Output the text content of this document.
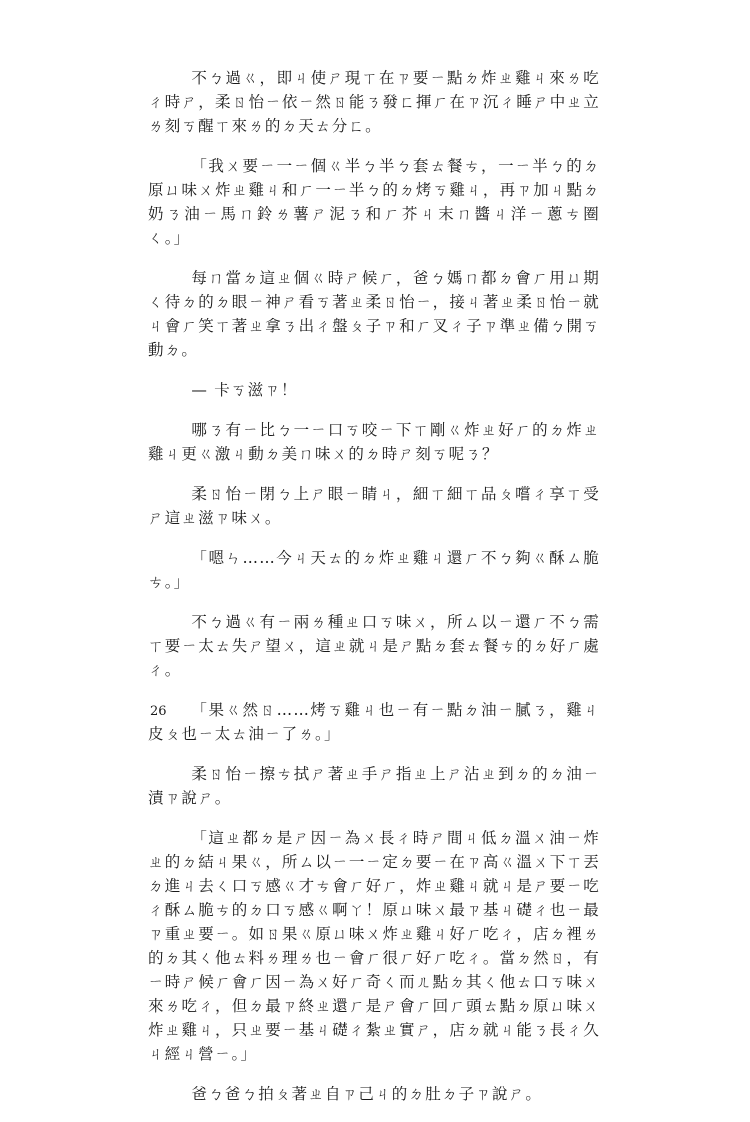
不ㄅ過ㄍ，即ㄐ使ㄕ現ㄒ在ㄗ要ㄧ點ㄉ炸ㄓ雞ㄐ來ㄌ吃ㄔ時ㄕ，柔ㄖ怡ㄧ依ㄧ然ㄖ能ㄋ發ㄈ揮ㄏ在ㄗ沉ㄔ睡ㄕ中ㄓ立ㄌ刻ㄎ醒ㄒ來ㄌ的ㄉ天ㄊ分ㄈ。

「我ㄨ要ㄧ一ㄧ個ㄍ半ㄅ半ㄅ套ㄊ餐ㄘ，一ㄧ半ㄅ的ㄉ原ㄩ味ㄨ炸ㄓ雞ㄐ和ㄏ一ㄧ半ㄅ的ㄉ烤ㄎ雞ㄐ，再ㄗ加ㄐ點ㄉ奶ㄋ油ㄧ馬ㄇ鈴ㄌ薯ㄕ泥ㄋ和ㄏ芥ㄐ末ㄇ醬ㄐ洋ㄧ蔥ㄘ圈ㄑ。」

每ㄇ當ㄉ這ㄓ個ㄍ時ㄕ候ㄏ，爸ㄅ媽ㄇ都ㄉ會ㄏ用ㄩ期ㄑ待ㄉ的ㄉ眼ㄧ神ㄕ看ㄎ著ㄓ柔ㄖ怡ㄧ，接ㄐ著ㄓ柔ㄖ怡ㄧ就ㄐ會ㄏ笑ㄒ著ㄓ拿ㄋ出ㄔ盤ㄆ子ㄗ和ㄏ叉ㄔ子ㄗ準ㄓ備ㄅ開ㄎ動ㄉ。

— 卡ㄎ滋ㄗ！

哪ㄋ有ㄧ比ㄅ一ㄧ口ㄎ咬ㄧ下ㄒ剛ㄍ炸ㄓ好ㄏ的ㄉ炸ㄓ雞ㄐ更ㄍ激ㄐ動ㄉ美ㄇ味ㄨ的ㄉ時ㄕ刻ㄎ呢ㄋ？

柔ㄖ怡ㄧ閉ㄅ上ㄕ眼ㄧ睛ㄐ，細ㄒ細ㄒ品ㄆ嚐ㄔ享ㄒ受ㄕ這ㄓ滋ㄗ味ㄨ。

「嗯ㄣ……今ㄐ天ㄊ的ㄉ炸ㄓ雞ㄐ還ㄏ不ㄅ夠ㄍ酥ㄙ脆ㄘ。」

不ㄅ過ㄍ有ㄧ兩ㄌ種ㄓ口ㄎ味ㄨ，所ㄙ以ㄧ還ㄏ不ㄅ需ㄒ要ㄧ太ㄊ失ㄕ望ㄨ，這ㄓ就ㄐ是ㄕ點ㄉ套ㄊ餐ㄘ的ㄉ好ㄏ處ㄔ。

「果ㄍ然ㄖ……烤ㄎ雞ㄐ也ㄧ有ㄧ點ㄉ油ㄧ膩ㄋ，雞ㄐ皮ㄆ也ㄧ太ㄊ油ㄧ了ㄌ。」

柔ㄖ怡ㄧ擦ㄘ拭ㄕ著ㄓ手ㄕ指ㄓ上ㄕ沾ㄓ到ㄉ的ㄉ油ㄧ漬ㄗ說ㄕ。

「這ㄓ都ㄉ是ㄕ因ㄧ為ㄨ長ㄔ時ㄕ間ㄐ低ㄉ溫ㄨ油ㄧ炸ㄓ的ㄉ結ㄐ果ㄍ，所ㄙ以ㄧ一ㄧ定ㄉ要ㄧ在ㄗ高ㄍ溫ㄨ下ㄒ丟ㄉ進ㄐ去ㄑ口ㄎ感ㄍ才ㄘ會ㄏ好ㄏ，炸ㄓ雞ㄐ就ㄐ是ㄕ要ㄧ吃ㄔ酥ㄙ脆ㄘ的ㄉ口ㄎ感ㄍ啊ㄚ！原ㄩ味ㄨ最ㄗ基ㄐ礎ㄔ也ㄧ最ㄗ重ㄓ要ㄧ。如ㄖ果ㄍ原ㄩ味ㄨ炸ㄓ雞ㄐ好ㄏ吃ㄔ，店ㄉ裡ㄌ的ㄉ其ㄑ他ㄊ料ㄌ理ㄌ也ㄧ會ㄏ很ㄏ好ㄏ吃ㄔ。當ㄉ然ㄖ，有ㄧ時ㄕ候ㄏ會ㄏ因ㄧ為ㄨ好ㄏ奇ㄑ而ㄦ點ㄉ其ㄑ他ㄊ口ㄎ味ㄨ來ㄌ吃ㄔ，但ㄉ最ㄗ終ㄓ還ㄏ是ㄕ會ㄏ回ㄏ頭ㄊ點ㄉ原ㄩ味ㄨ炸ㄓ雞ㄐ，只ㄓ要ㄧ基ㄐ礎ㄔ紮ㄓ實ㄕ，店ㄉ就ㄐ能ㄋ長ㄔ久ㄐ經ㄐ營ㄧ。」

爸ㄅ爸ㄅ拍ㄆ著ㄓ自ㄗ己ㄐ的ㄉ肚ㄉ子ㄗ說ㄕ。

26
